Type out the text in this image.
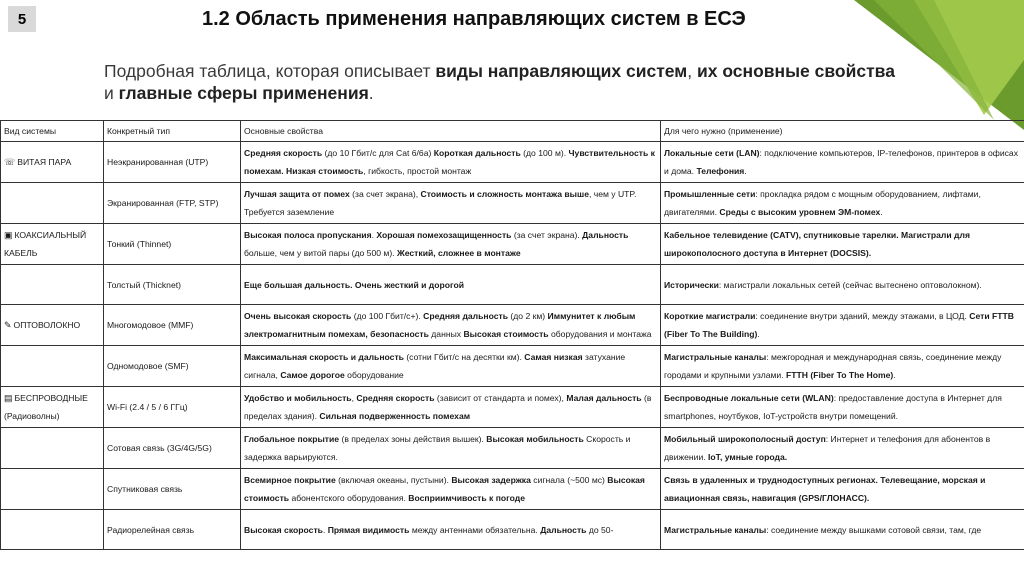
5	1.2 Область применения направляющих систем в ЕСЭ
Подробная таблица, которая описывает виды направляющих систем, их основные свойства и главные сферы применения.
Вид системы	Конкретный тип	Основные свойства	Для чего нужно (применение)
☏ ВИТАЯ ПАРА	Неэкранированная (UTP)	Средняя скорость (до 10 Гбит/с для Cat 6/6a) Короткая дальность (до 100 м). Чувствительность к помехам. Низкая стоимость, гибкость, простой монтаж	Локальные сети (LAN): подключение компьютеров, IP-телефонов, принтеров в офисах и дома. Телефония.
	Экранированная (FTP, STP)	Лучшая защита от помех (за счет экрана), Стоимость и сложность монтажа выше, чем у UTP. Требуется заземление	Промышленные сети: прокладка рядом с мощным оборудованием, лифтами, двигателями. Среды с высоким уровнем ЭМ-помех.
▣ КОАКСИАЛЬНЫЙ КАБЕЛЬ	Тонкий (Thinnet)	Высокая полоса пропускания. Хорошая помехозащищенность (за счет экрана). Дальность больше, чем у витой пары (до 500 м). Жесткий, сложнее в монтаже	Кабельное телевидение (CATV), спутниковые тарелки. Магистрали для широкополосного доступа в Интернет (DOCSIS).
	Толстый (Thicknet)	Еще большая дальность. Очень жесткий и дорогой	Исторически: магистрали локальных сетей (сейчас вытеснено оптоволокном).
✎ ОПТОВОЛОКНО	Многомодовое (MMF)	Очень высокая скорость (до 100 Гбит/с+). Средняя дальность (до 2 км) Иммунитет к любым электромагнитным помехам, безопасность данных Высокая стоимость оборудования и монтажа	Короткие магистрали: соединение внутри зданий, между этажами, в ЦОД. Сети FTTB (Fiber To The Building).
	Одномодовое (SMF)	Максимальная скорость и дальность (сотни Гбит/с на десятки км). Самая низкая затухание сигнала, Самое дорогое оборудование	Магистральные каналы: межгородная и международная связь, соединение между городами и крупными узлами. FTTH (Fiber To The Home).
▤ БЕСПРОВОДНЫЕ (Радиоволны)	Wi-Fi (2.4 / 5 / 6 ГГц)	Удобство и мобильность, Средняя скорость (зависит от стандарта и помех), Малая дальность (в пределах здания). Сильная подверженность помехам	Беспроводные локальные сети (WLAN): предоставление доступа в Интернет для smartphones, ноутбуков, IoT-устройств внутри помещений.
	Сотовая связь (3G/4G/5G)	Глобальное покрытие (в пределах зоны действия вышек). Высокая мобильность Скорость и задержка варьируются.	Мобильный широкополосный доступ: Интернет и телефония для абонентов в движении. IoT, умные города.
	Спутниковая связь	Всемирное покрытие (включая океаны, пустыни). Высокая задержка сигнала (~500 мс) Высокая стоимость абонентского оборудования. Восприимчивость к погоде	Связь в удаленных и труднодоступных регионах. Телевещание, морская и авиационная связь, навигация (GPS/ГЛОНАСС).
	Радиорелейная связь	Высокая скорость. Прямая видимость между антеннами обязательна. Дальность до 50-	Магистральные каналы: соединение между вышками сотовой связи, там, где
